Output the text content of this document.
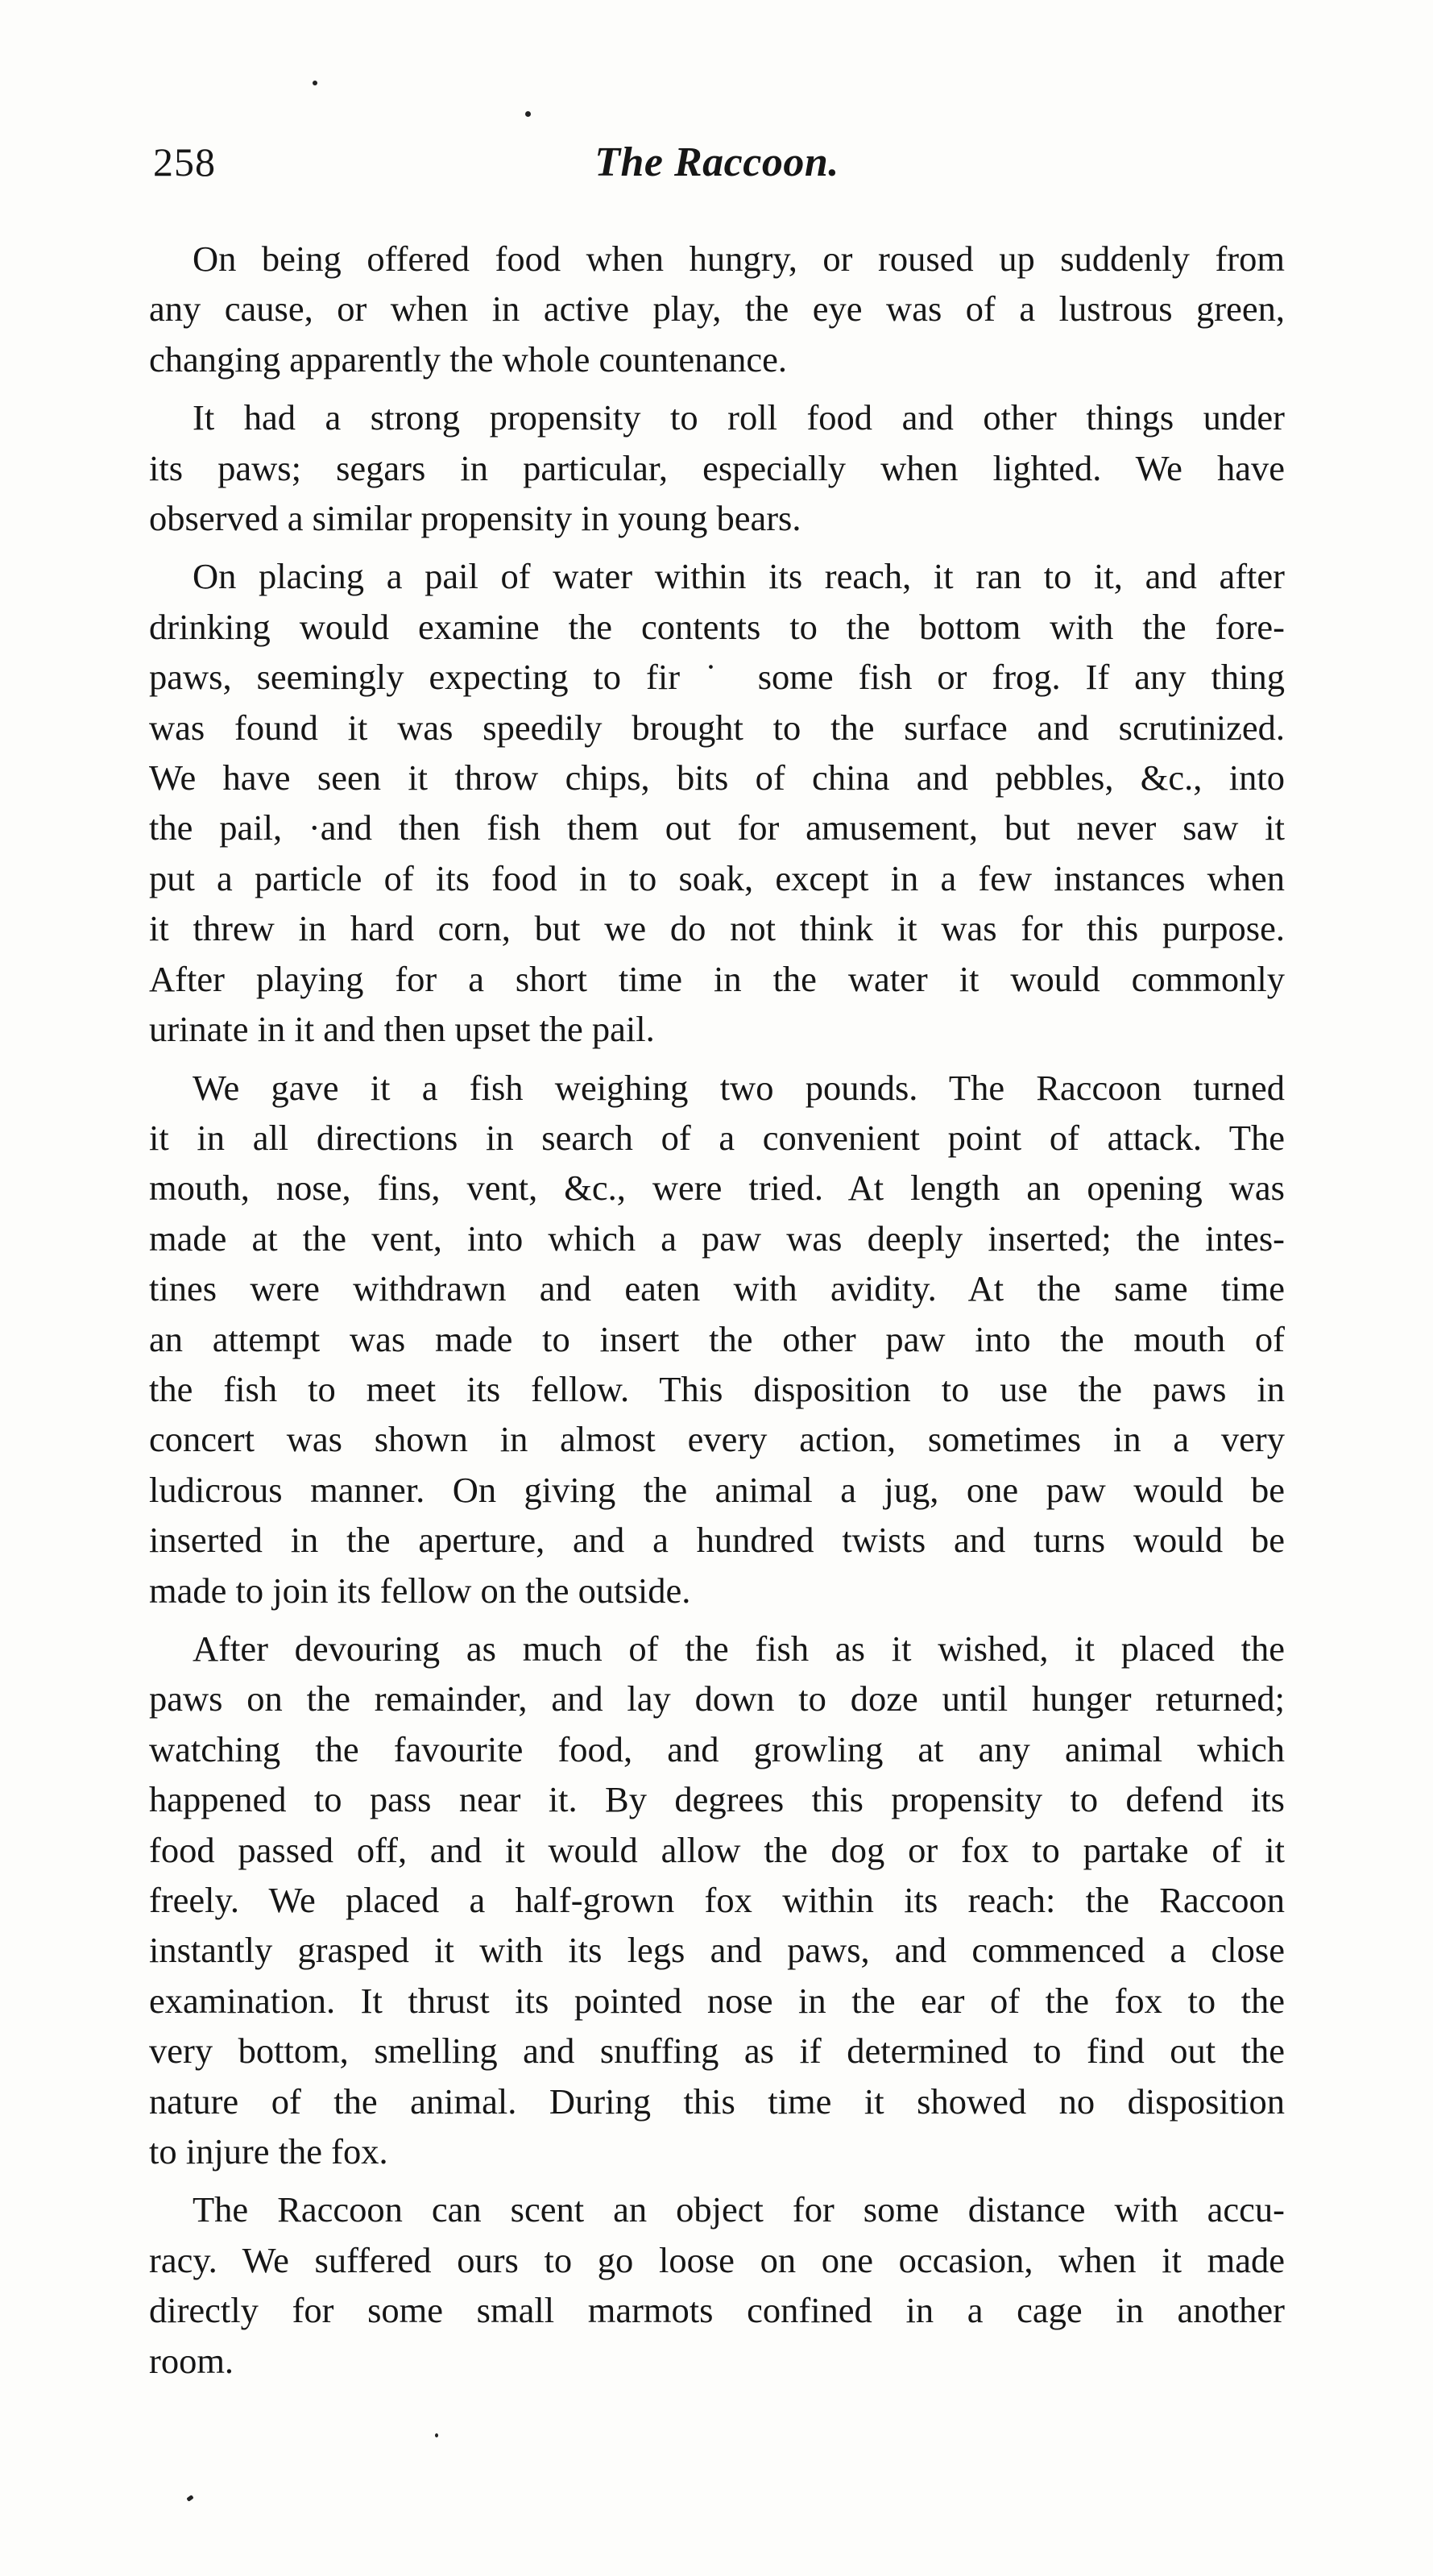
258	The Raccoon.

On being offered food when hungry, or roused up suddenly from
any cause, or when in active play, the eye was of a lustrous green,
changing apparently the whole countenance.

It had a strong propensity to roll food and other things under
its paws; segars in particular, especially when lighted. We have
observed a similar propensity in young bears.

On placing a pail of water within its reach, it ran to it, and after
drinking would examine the contents to the bottom with the fore-
paws, seemingly expecting to fir ˙ some fish or frog. If any thing
was found it was speedily brought to the surface and scrutinized.
We have seen it throw chips, bits of china and pebbles, &c., into
the pail, ·and then fish them out for amusement, but never saw it
put a particle of its food in to soak, except in a few instances when
it threw in hard corn, but we do not think it was for this purpose.
After playing for a short time in the water it would commonly
urinate in it and then upset the pail.

We gave it a fish weighing two pounds. The Raccoon turned
it in all directions in search of a convenient point of attack. The
mouth, nose, fins, vent, &c., were tried. At length an opening was
made at the vent, into which a paw was deeply inserted; the intes-
tines were withdrawn and eaten with avidity. At the same time
an attempt was made to insert the other paw into the mouth of
the fish to meet its fellow. This disposition to use the paws in
concert was shown in almost every action, sometimes in a very
ludicrous manner. On giving the animal a jug, one paw would be
inserted in the aperture, and a hundred twists and turns would be
made to join its fellow on the outside.

After devouring as much of the fish as it wished, it placed the
paws on the remainder, and lay down to doze until hunger returned;
watching the favourite food, and growling at any animal which
happened to pass near it. By degrees this propensity to defend its
food passed off, and it would allow the dog or fox to partake of it
freely. We placed a half-grown fox within its reach: the Raccoon
instantly grasped it with its legs and paws, and commenced a close
examination. It thrust its pointed nose in the ear of the fox to the
very bottom, smelling and snuffing as if determined to find out the
nature of the animal. During this time it showed no disposition
to injure the fox.

The Raccoon can scent an object for some distance with accu-
racy. We suffered ours to go loose on one occasion, when it made
directly for some small marmots confined in a cage in another
room.
